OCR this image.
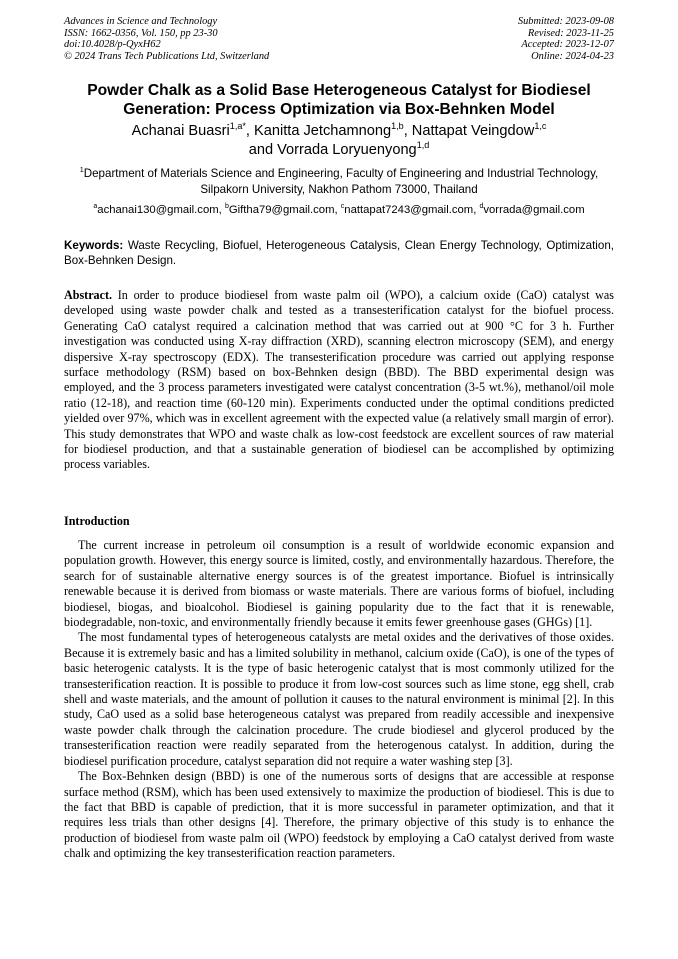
Advances in Science and Technology
ISSN: 1662-0356, Vol. 150, pp 23-30
doi:10.4028/p-QyxH62
© 2024 Trans Tech Publications Ltd, Switzerland
Submitted: 2023-09-08
Revised: 2023-11-25
Accepted: 2023-12-07
Online: 2024-04-23
Powder Chalk as a Solid Base Heterogeneous Catalyst for Biodiesel Generation: Process Optimization via Box-Behnken Model
Achanai Buasri$^{1,a*}$, Kanitta Jetchamnong$^{1,b}$, Nattapat Veingdow$^{1,c}$
and Vorrada Loryuenyong$^{1,d}$
$^1$Department of Materials Science and Engineering, Faculty of Engineering and Industrial Technology, Silpakorn University, Nakhon Pathom 73000, Thailand
$^a$achanai130@gmail.com, $^b$Giftha79@gmail.com, $^c$nattapat7243@gmail.com, $^d$vorrada@gmail.com
Keywords: Waste Recycling, Biofuel, Heterogeneous Catalysis, Clean Energy Technology, Optimization, Box-Behnken Design.
Abstract. In order to produce biodiesel from waste palm oil (WPO), a calcium oxide (CaO) catalyst was developed using waste powder chalk and tested as a transesterification catalyst for the biofuel process. Generating CaO catalyst required a calcination method that was carried out at 900 °C for 3 h. Further investigation was conducted using X-ray diffraction (XRD), scanning electron microscopy (SEM), and energy dispersive X-ray spectroscopy (EDX). The transesterification procedure was carried out applying response surface methodology (RSM) based on box-Behnken design (BBD). The BBD experimental design was employed, and the 3 process parameters investigated were catalyst concentration (3-5 wt.%), methanol/oil mole ratio (12-18), and reaction time (60-120 min). Experiments conducted under the optimal conditions predicted yielded over 97%, which was in excellent agreement with the expected value (a relatively small margin of error). This study demonstrates that WPO and waste chalk as low-cost feedstock are excellent sources of raw material for biodiesel production, and that a sustainable generation of biodiesel can be accomplished by optimizing process variables.
Introduction

The current increase in petroleum oil consumption is a result of worldwide economic expansion and population growth. However, this energy source is limited, costly, and environmentally hazardous. Therefore, the search for of sustainable alternative energy sources is of the greatest importance. Biofuel is intrinsically renewable because it is derived from biomass or waste materials. There are various forms of biofuel, including biodiesel, biogas, and bioalcohol. Biodiesel is gaining popularity due to the fact that it is renewable, biodegradable, non-toxic, and environmentally friendly because it emits fewer greenhouse gases (GHGs) [1].

The most fundamental types of heterogeneous catalysts are metal oxides and the derivatives of those oxides. Because it is extremely basic and has a limited solubility in methanol, calcium oxide (CaO), is one of the types of basic heterogenic catalysts. It is the type of basic heterogenic catalyst that is most commonly utilized for the transesterification reaction. It is possible to produce it from low-cost sources such as lime stone, egg shell, crab shell and waste materials, and the amount of pollution it causes to the natural environment is minimal [2]. In this study, CaO used as a solid base heterogeneous catalyst was prepared from readily accessible and inexpensive waste powder chalk through the calcination procedure. The crude biodiesel and glycerol produced by the transesterification reaction were readily separated from the heterogenous catalyst. In addition, during the biodiesel purification procedure, catalyst separation did not require a water washing step [3].

The Box-Behnken design (BBD) is one of the numerous sorts of designs that are accessible at response surface method (RSM), which has been used extensively to maximize the production of biodiesel. This is due to the fact that BBD is capable of prediction, that it is more successful in parameter optimization, and that it requires less trials than other designs [4]. Therefore, the primary objective of this study is to enhance the production of biodiesel from waste palm oil (WPO) feedstock by employing a CaO catalyst derived from waste chalk and optimizing the key transesterification reaction parameters.
